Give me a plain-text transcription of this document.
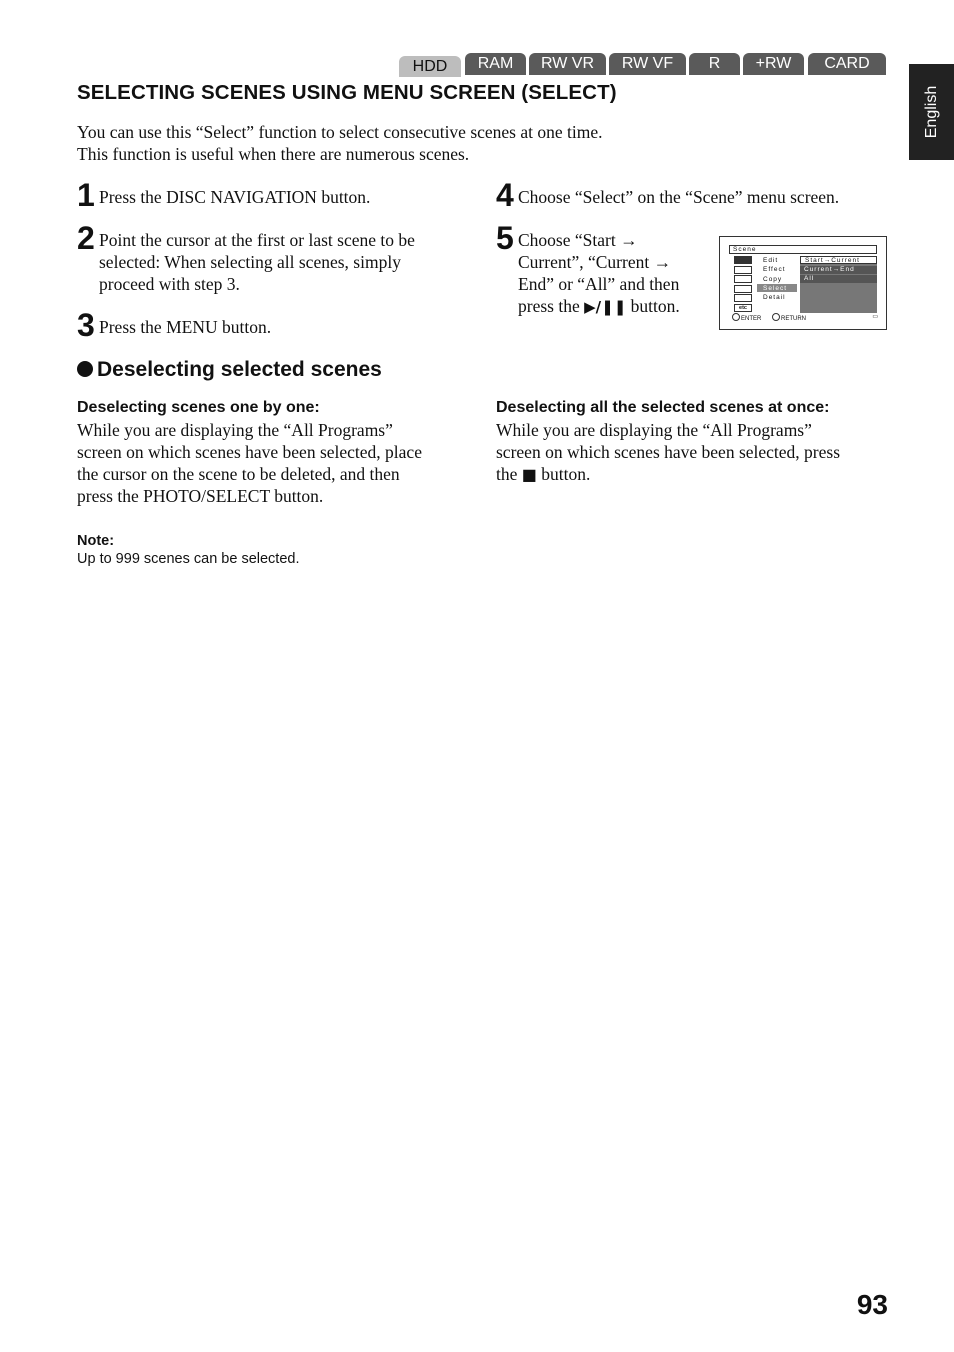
HDD	RAM	RW VR	RW VF	R	+RW	CARD
English
SELECTING SCENES USING MENU SCREEN (SELECT)
You can use this “Select” function to select consecutive scenes at one time.
This function is useful when there are numerous scenes.
1 Press the DISC NAVIGATION button.
2 Point the cursor at the first or last scene to be
selected: When selecting all scenes, simply
proceed with step 3.
3 Press the MENU button.
4 Choose “Select” on the “Scene” menu screen.
5 Choose “Start →
Current”, “Current →
End” or “All” and then
press the ▶/❚❚ button.
Scene
etc
Edit
Effect
Copy
Select
Detail
Start→Current
Current→End
All
ENTER	RETURN	▭
Deselecting selected scenes
Deselecting scenes one by one:
While you are displaying the “All Programs”
screen on which scenes have been selected, place
the cursor on the scene to be deleted, and then
press the PHOTO/SELECT button.
Deselecting all the selected scenes at once:
While you are displaying the “All Programs”
screen on which scenes have been selected, press
the ■ button.
Note:
Up to 999 scenes can be selected.
93
